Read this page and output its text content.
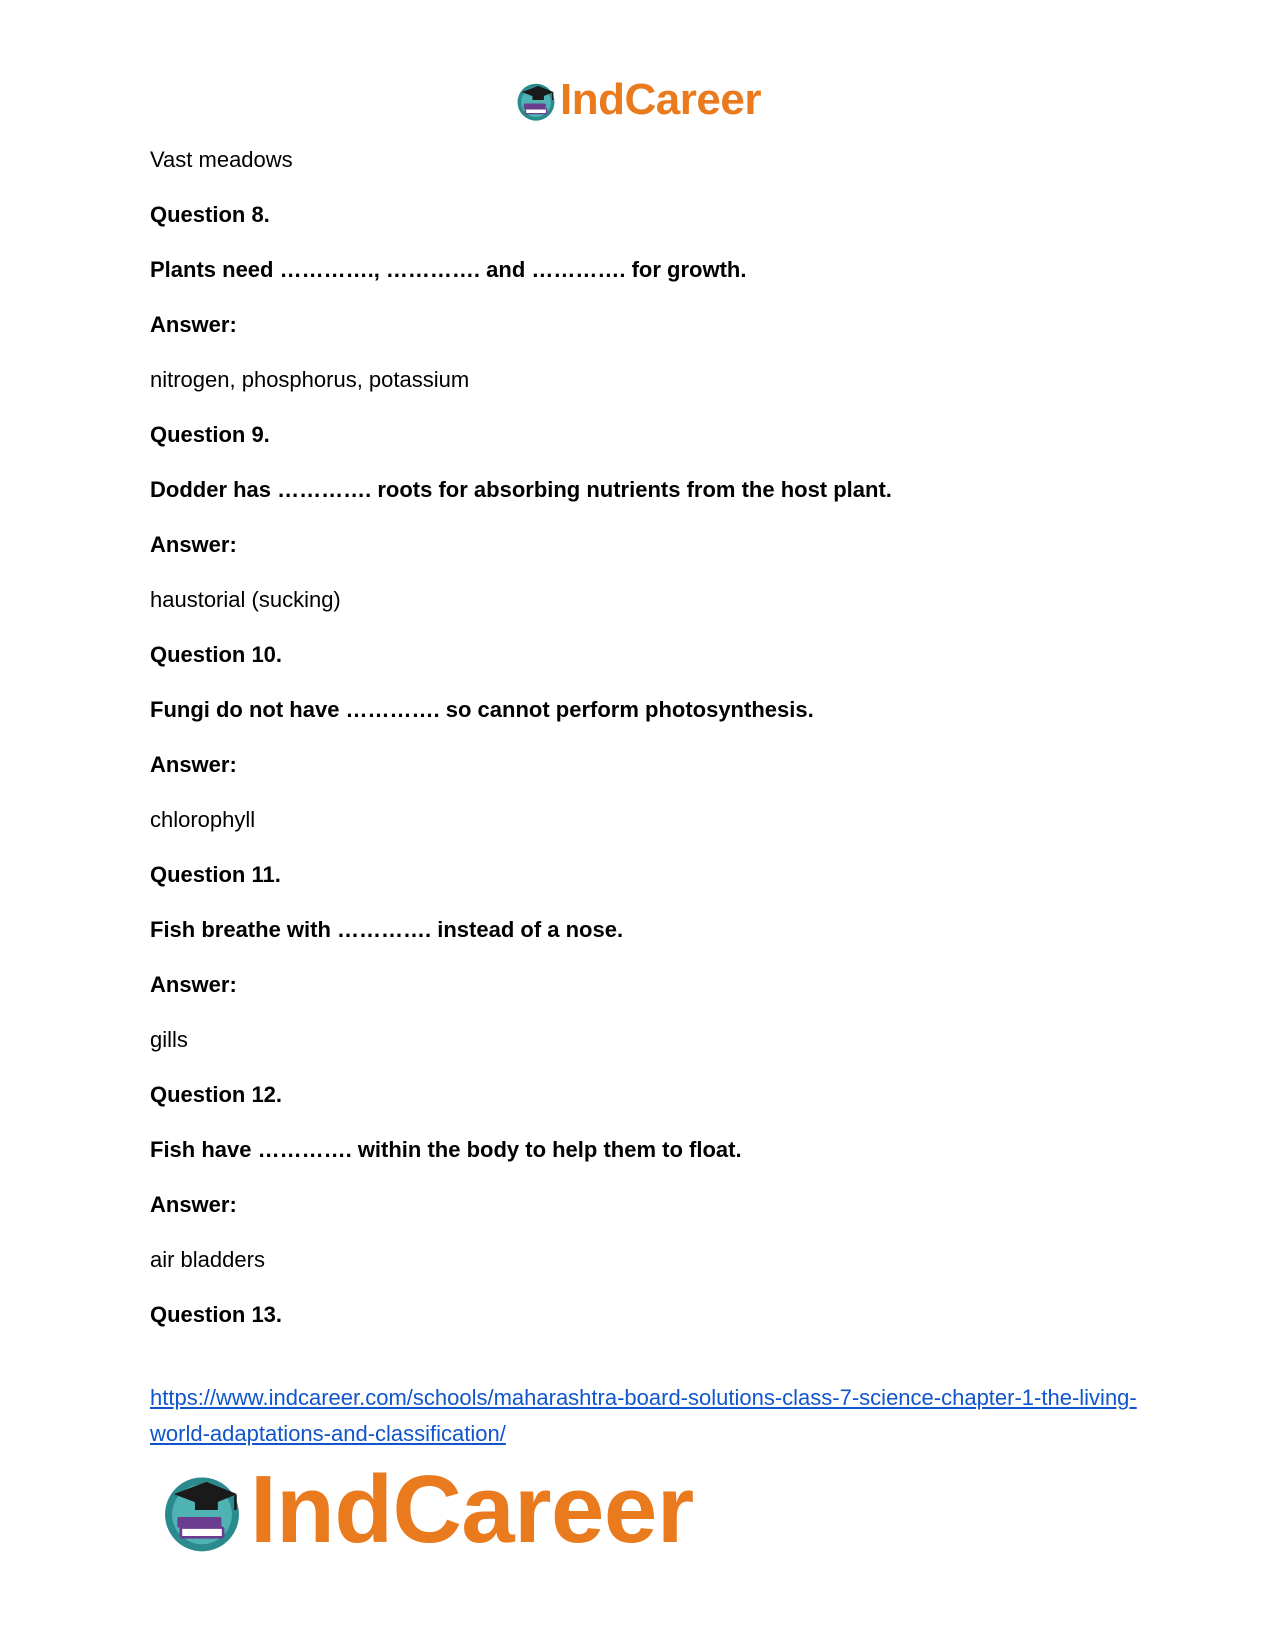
IndCareer
Vast meadows
Question 8.
Plants need …………., …………. and …………. for growth.
Answer:
nitrogen, phosphorus, potassium
Question 9.
Dodder has …………. roots for absorbing nutrients from the host plant.
Answer:
haustorial (sucking)
Question 10.
Fungi do not have …………. so cannot perform photosynthesis.
Answer:
chlorophyll
Question 11.
Fish breathe with …………. instead of a nose.
Answer:
gills
Question 12.
Fish have …………. within the body to help them to float.
Answer:
air bladders
Question 13.
https://www.indcareer.com/schools/maharashtra-board-solutions-class-7-science-chapter-1-the-living-world-adaptations-and-classification/
IndCareer
